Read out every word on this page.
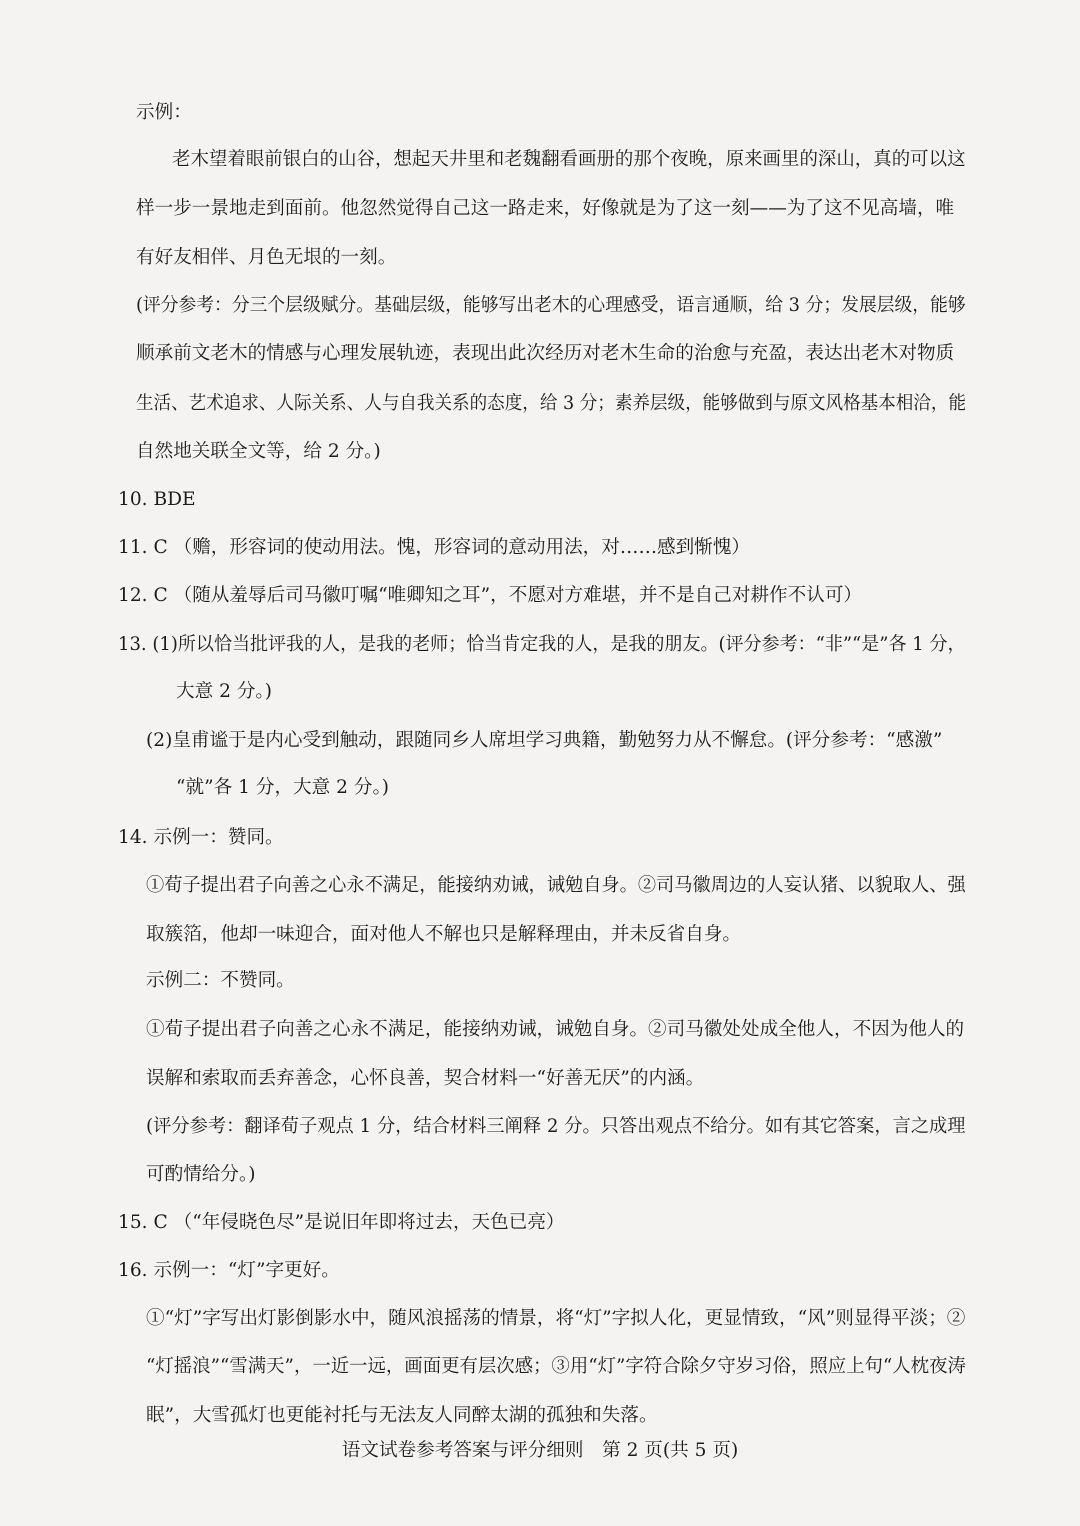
示例：
老木望着眼前银白的山谷，想起天井里和老魏翻看画册的那个夜晚，原来画里的深山，真的可以这
样一步一景地走到面前。他忽然觉得自己这一路走来，好像就是为了这一刻——为了这不见高墙，唯
有好友相伴、月色无垠的一刻。
(评分参考：分三个层级赋分。基础层级，能够写出老木的心理感受，语言通顺，给 3 分；发展层级，能够
顺承前文老木的情感与心理发展轨迹，表现出此次经历对老木生命的治愈与充盈，表达出老木对物质
生活、艺术追求、人际关系、人与自我关系的态度，给 3 分；素养层级，能够做到与原文风格基本相洽，能
自然地关联全文等，给 2 分。)
10. BDE
11. C （赡，形容词的使动用法。愧，形容词的意动用法，对……感到惭愧）
12. C （随从羞辱后司马徽叮嘱“唯卿知之耳”，不愿对方难堪，并不是自己对耕作不认可）
13. (1)所以恰当批评我的人，是我的老师；恰当肯定我的人，是我的朋友。(评分参考：“非”“是”各 1 分，
大意 2 分。)
(2)皇甫谧于是内心受到触动，跟随同乡人席坦学习典籍，勤勉努力从不懈怠。(评分参考：“感激”
“就”各 1 分，大意 2 分。)
14. 示例一：赞同。
①荀子提出君子向善之心永不满足，能接纳劝诫，诫勉自身。②司马徽周边的人妄认猪、以貌取人、强
取簇箔，他却一味迎合，面对他人不解也只是解释理由，并未反省自身。
示例二：不赞同。
①荀子提出君子向善之心永不满足，能接纳劝诫，诫勉自身。②司马徽处处成全他人，不因为他人的
误解和索取而丢弃善念，心怀良善，契合材料一“好善无厌”的内涵。
(评分参考：翻译荀子观点 1 分，结合材料三阐释 2 分。只答出观点不给分。如有其它答案，言之成理
可酌情给分。)
15. C （“年侵晓色尽”是说旧年即将过去，天色已亮）
16. 示例一：“灯”字更好。
①“灯”字写出灯影倒影水中，随风浪摇荡的情景，将“灯”字拟人化，更显情致，“风”则显得平淡；②
“灯摇浪”“雪满天”，一近一远，画面更有层次感；③用“灯”字符合除夕守岁习俗，照应上句“人枕夜涛
眠”，大雪孤灯也更能衬托与无法友人同醉太湖的孤独和失落。
语文试卷参考答案与评分细则　第 2 页(共 5 页)
